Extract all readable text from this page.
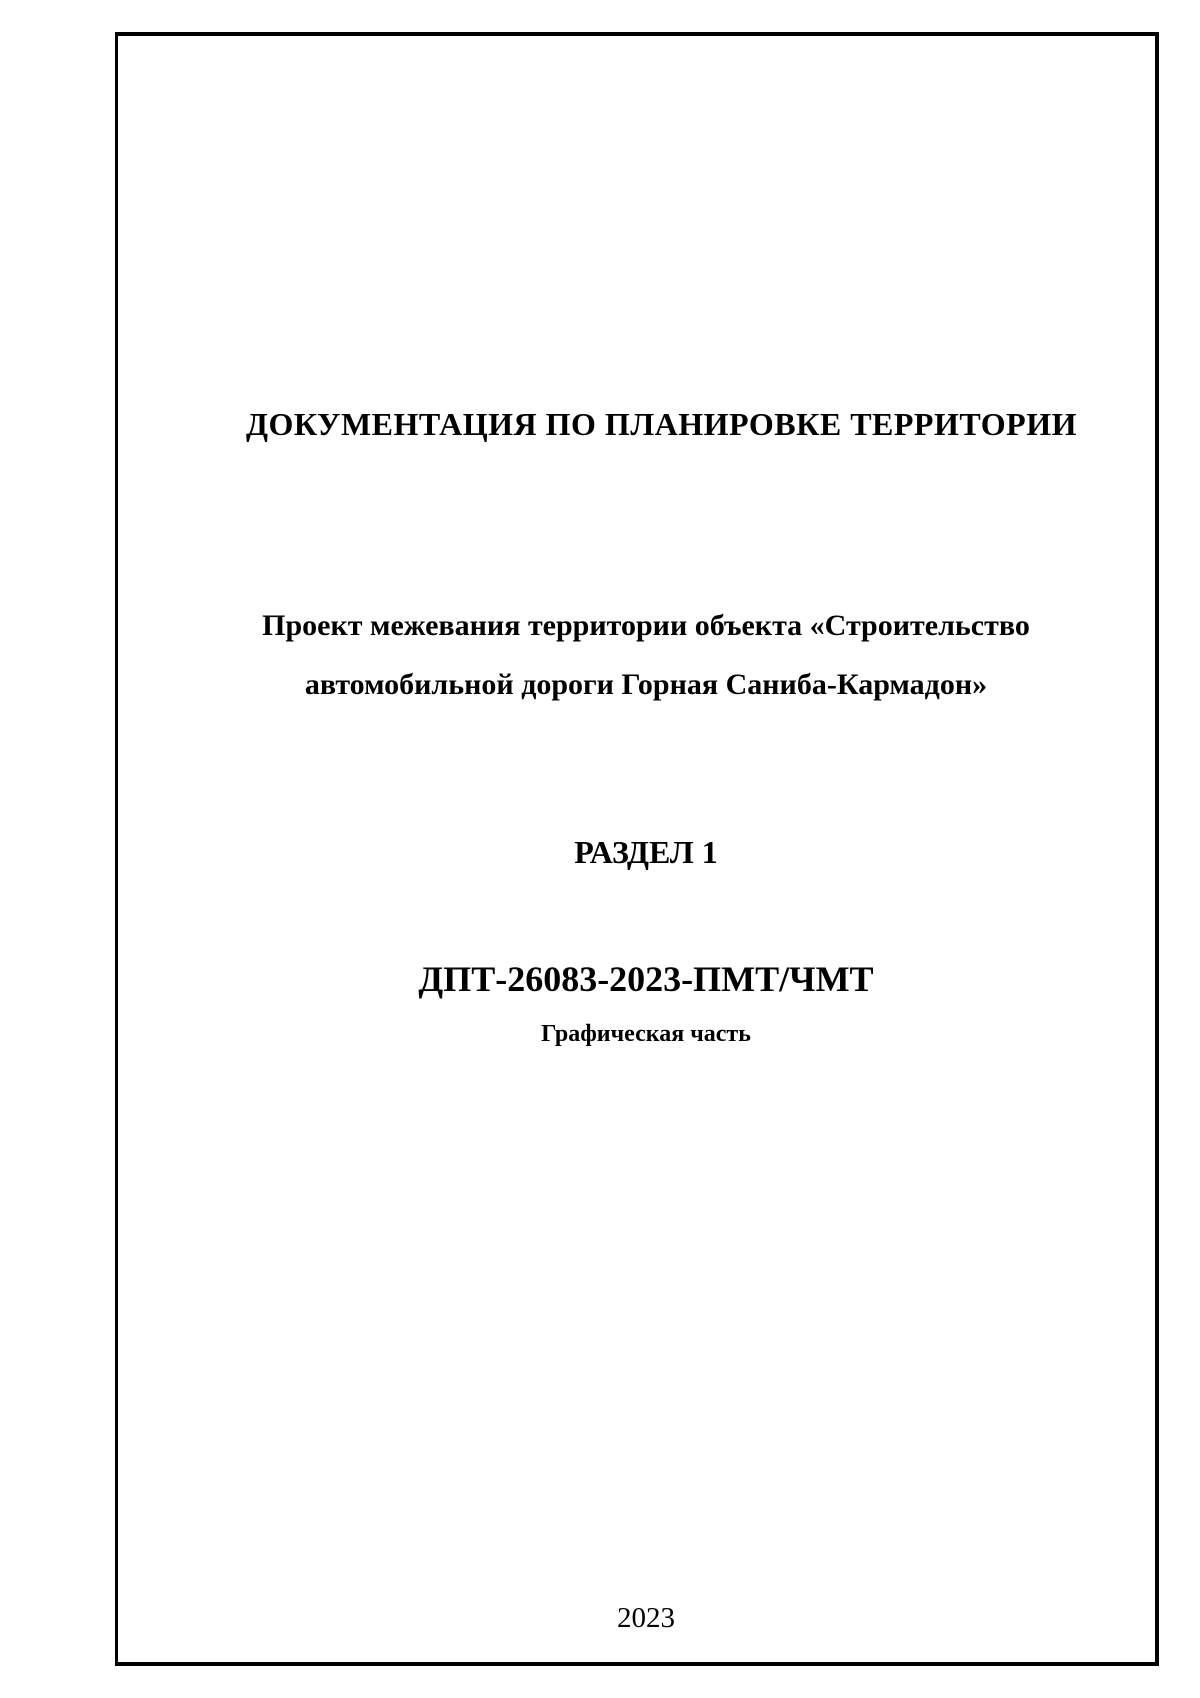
ДОКУМЕНТАЦИЯ ПО ПЛАНИРОВКЕ ТЕРРИТОРИИ
Проект межевания территории объекта «Строительство
автомобильной дороги Горная Саниба-Кармадон»
РАЗДЕЛ 1
ДПТ-26083-2023-ПМТ/ЧМТ
Графическая часть
2023
